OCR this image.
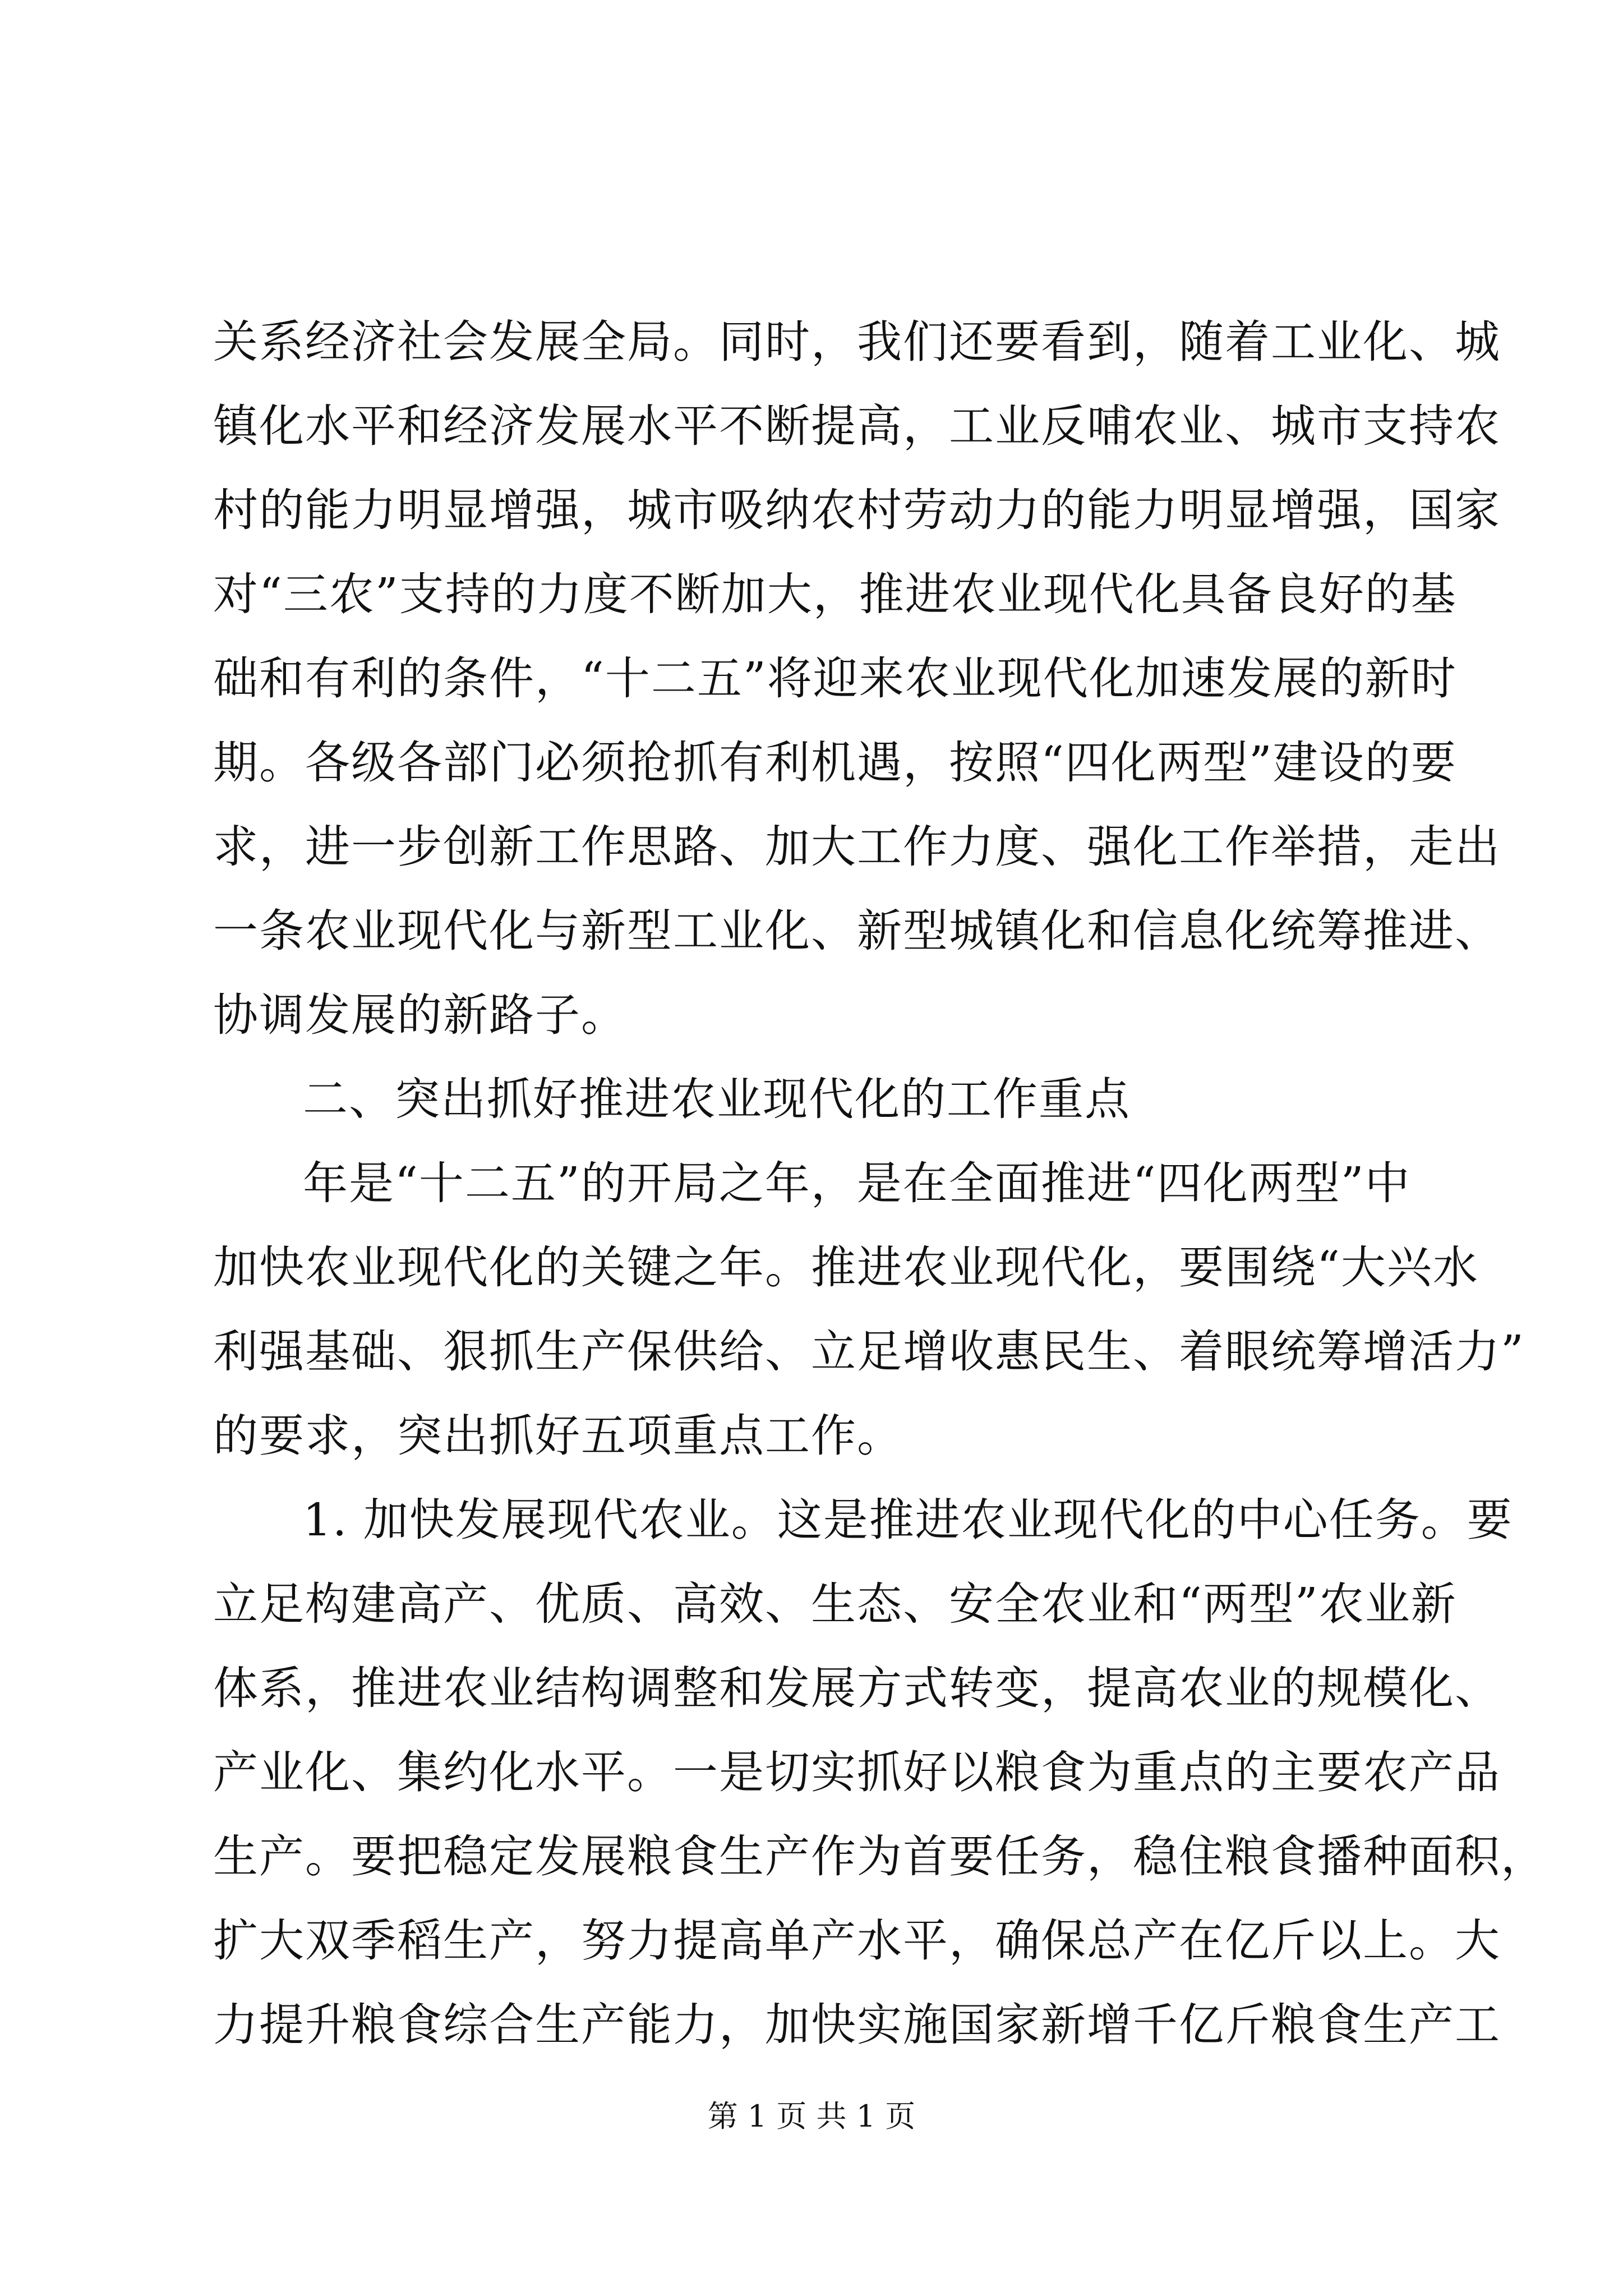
关系经济社会发展全局。同时，我们还要看到，随着工业化、城
镇化水平和经济发展水平不断提高，工业反哺农业、城市支持农
村的能力明显增强，城市吸纳农村劳动力的能力明显增强，国家
对“三农”支持的力度不断加大，推进农业现代化具备良好的基
础和有利的条件，“十二五”将迎来农业现代化加速发展的新时
期。各级各部门必须抢抓有利机遇，按照“四化两型”建设的要
求，进一步创新工作思路、加大工作力度、强化工作举措，走出
一条农业现代化与新型工业化、新型城镇化和信息化统筹推进、
协调发展的新路子。
二、突出抓好推进农业现代化的工作重点
年是“十二五”的开局之年，是在全面推进“四化两型”中
加快农业现代化的关键之年。推进农业现代化，要围绕“大兴水
利强基础、狠抓生产保供给、立足增收惠民生、着眼统筹增活力”
的要求，突出抓好五项重点工作。
1. 加快发展现代农业。这是推进农业现代化的中心任务。要
立足构建高产、优质、高效、生态、安全农业和“两型”农业新
体系，推进农业结构调整和发展方式转变，提高农业的规模化、
产业化、集约化水平。一是切实抓好以粮食为重点的主要农产品
生产。要把稳定发展粮食生产作为首要任务，稳住粮食播种面积，
扩大双季稻生产，努力提高单产水平，确保总产在亿斤以上。大
力提升粮食综合生产能力，加快实施国家新增千亿斤粮食生产工
第 1 页 共 1 页
